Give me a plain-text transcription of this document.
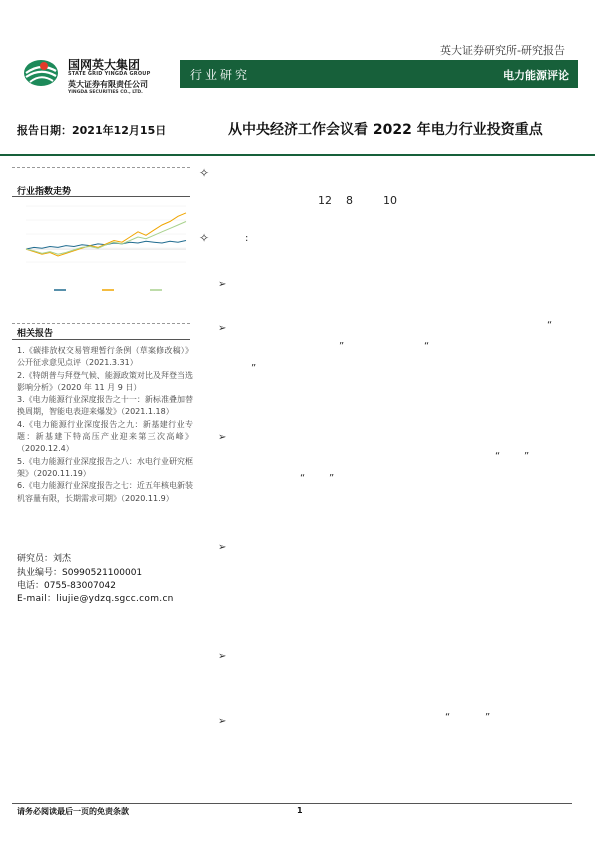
国网英大集团
STATE GRID YINGDA GROUP
英大证券有限责任公司
YINGDA SECURITIES CO., LTD.
英大证券研究所-研究报告
行业研究	电力能源评论
报告日期：2021年12月15日	从中央经济工作会议看 2022 年电力行业投资重点
行业指数走势
相关报告
1.《碳排放权交易管理暂行条例（草案修改稿）》公开征求意见点评（2021.3.31）
2.《特朗普与拜登气候、能源政策对比及拜登当选影响分析》（2020 年 11 月 9 日）
3.《电力能源行业深度报告之十一：新标准叠加替换周期，智能电表迎来爆发》（2021.1.18）
4.《电力能源行业深度报告之九：新基建行业专题：新基建下特高压产业迎来第三次高峰》（2020.12.4）
5.《电力能源行业深度报告之八：水电行业研究框架》（2020.11.19）
6.《电力能源行业深度报告之七：近五年核电新装机容量有限，长期需求可期》（2020.11.9）
研究员：刘杰
执业编号：S0990521100001
电话：0755-83007042
E-mail：liujie@ydzq.sgcc.com.cn
✧
12 8	10
✧	:
➢
➢	“
”	“
”
➢
“ ”
“ ”
➢
➢
➢	“	”
请务必阅读最后一页的免责条款	1
